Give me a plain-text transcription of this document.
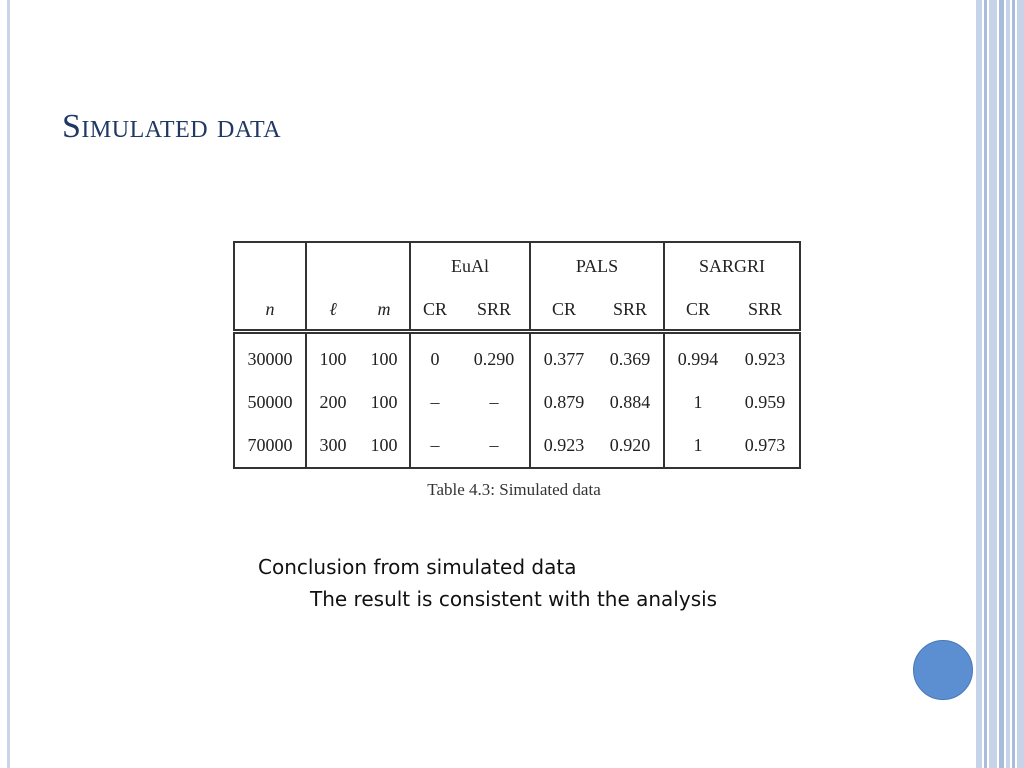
Simulated data
			EuAl		PALS		SARGRI	
n	ℓ	m	CR	SRR	CR	SRR	CR	SRR
30000	100	100	0	0.290	0.377	0.369	0.994	0.923
50000	200	100	–	–	0.879	0.884	1	0.959
70000	300	100	–	–	0.923	0.920	1	0.973
Table 4.3: Simulated data
Conclusion from simulated data
The result is consistent with the analysis
